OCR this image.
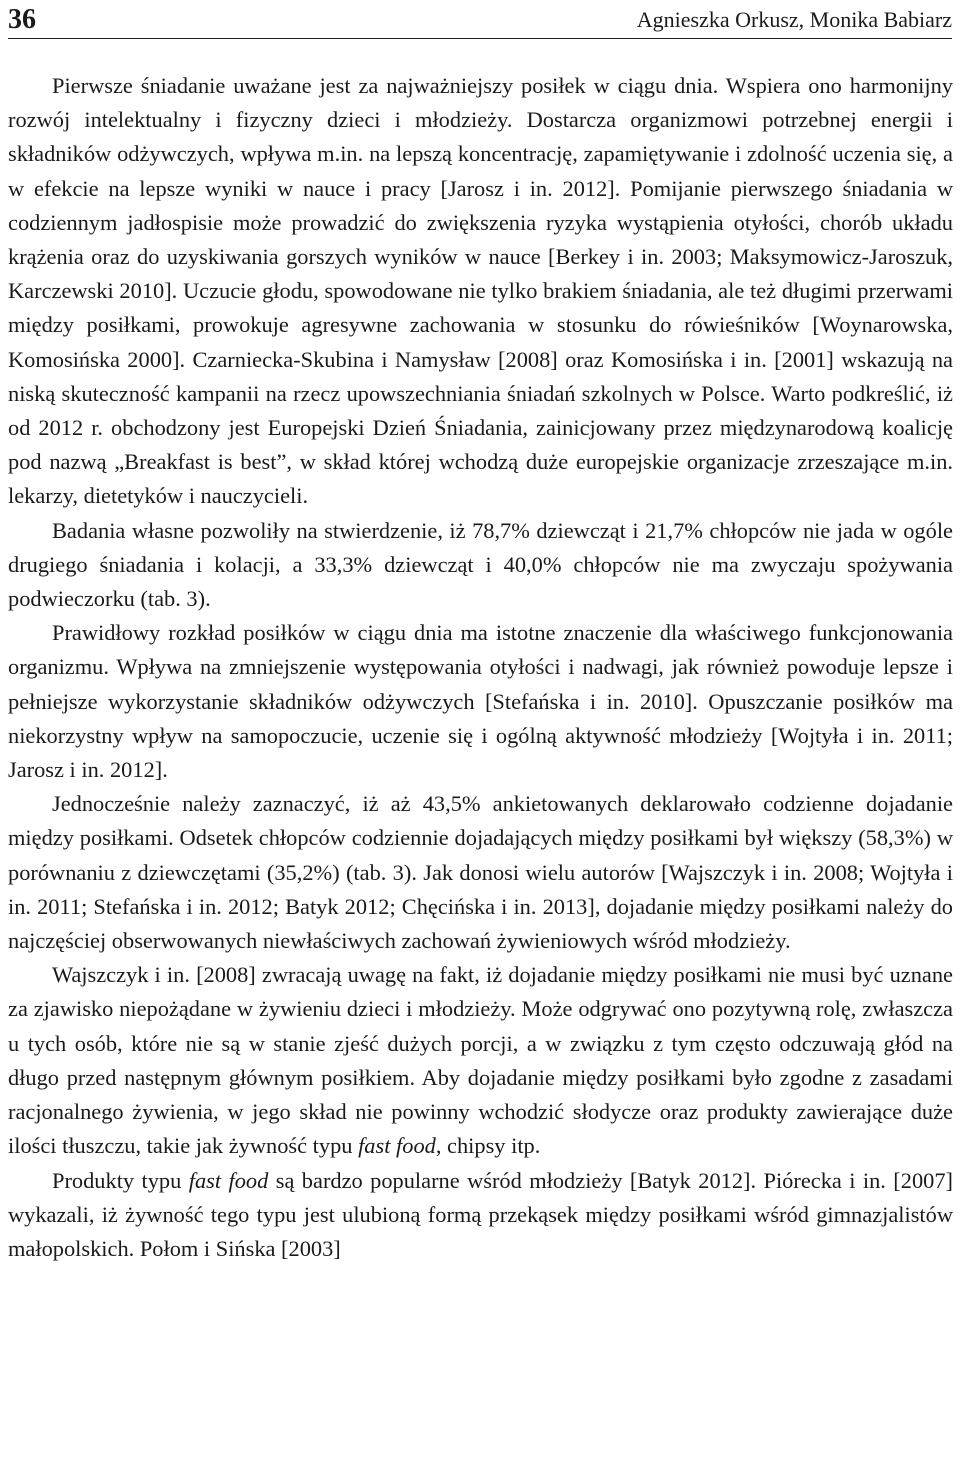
36	Agnieszka Orkusz, Monika Babiarz

Pierwsze śniadanie uważane jest za najważniejszy posiłek w ciągu dnia. Wspiera ono harmonijny rozwój intelektualny i fizyczny dzieci i młodzieży. Dostarcza organizmowi potrzebnej energii i składników odżywczych, wpływa m.in. na lepszą koncentrację, zapamiętywanie i zdolność uczenia się, a w efekcie na lepsze wyniki w nauce i pracy [Jarosz i in. 2012]. Pomijanie pierwszego śniadania w codziennym jadłospisie może prowadzić do zwiększenia ryzyka wystąpienia otyłości, chorób układu krążenia oraz do uzyskiwania gorszych wyników w nauce [Berkey i in. 2003; Maksymowicz-Jaroszuk, Karczewski 2010]. Uczucie głodu, spowodowane nie tylko brakiem śniadania, ale też długimi przerwami między posiłkami, prowokuje agresywne zachowania w stosunku do rówieśników [Woynarowska, Komosińska 2000]. Czarniecka-Skubina i Namysław [2008] oraz Komosińska i in. [2001] wskazują na niską skuteczność kampanii na rzecz upowszechniania śniadań szkolnych w Polsce. Warto podkreślić, iż od 2012 r. obchodzony jest Europejski Dzień Śniadania, zainicjowany przez międzynarodową koalicję pod nazwą „Breakfast is best”, w skład której wchodzą duże europejskie organizacje zrzeszające m.in. lekarzy, dietetyków i nauczycieli.

Badania własne pozwoliły na stwierdzenie, iż 78,7% dziewcząt i 21,7% chłopców nie jada w ogóle drugiego śniadania i kolacji, a 33,3% dziewcząt i 40,0% chłopców nie ma zwyczaju spożywania podwieczorku (tab. 3).

Prawidłowy rozkład posiłków w ciągu dnia ma istotne znaczenie dla właściwego funkcjonowania organizmu. Wpływa na zmniejszenie występowania otyłości i nadwagi, jak również powoduje lepsze i pełniejsze wykorzystanie składników odżywczych [Stefańska i in. 2010]. Opuszczanie posiłków ma niekorzystny wpływ na samopoczucie, uczenie się i ogólną aktywność młodzieży [Wojtyła i in. 2011; Jarosz i in. 2012].

Jednocześnie należy zaznaczyć, iż aż 43,5% ankietowanych deklarowało codzienne dojadanie między posiłkami. Odsetek chłopców codziennie dojadających między posiłkami był większy (58,3%) w porównaniu z dziewczętami (35,2%) (tab. 3). Jak donosi wielu autorów [Wajszczyk i in. 2008; Wojtyła i in. 2011; Stefańska i in. 2012; Batyk 2012; Chęcińska i in. 2013], dojadanie między posiłkami należy do najczęściej obserwowanych niewłaściwych zachowań żywieniowych wśród młodzieży.

Wajszczyk i in. [2008] zwracają uwagę na fakt, iż dojadanie między posiłkami nie musi być uznane za zjawisko niepożądane w żywieniu dzieci i młodzieży. Może odgrywać ono pozytywną rolę, zwłaszcza u tych osób, które nie są w stanie zjeść dużych porcji, a w związku z tym często odczuwają głód na długo przed następnym głównym posiłkiem. Aby dojadanie między posiłkami było zgodne z zasadami racjonalnego żywienia, w jego skład nie powinny wchodzić słodycze oraz produkty zawierające duże ilości tłuszczu, takie jak żywność typu fast food, chipsy itp.

Produkty typu fast food są bardzo popularne wśród młodzieży [Batyk 2012]. Piórecka i in. [2007] wykazali, iż żywność tego typu jest ulubioną formą przekąsek między posiłkami wśród gimnazjalistów małopolskich. Połom i Sińska [2003]
